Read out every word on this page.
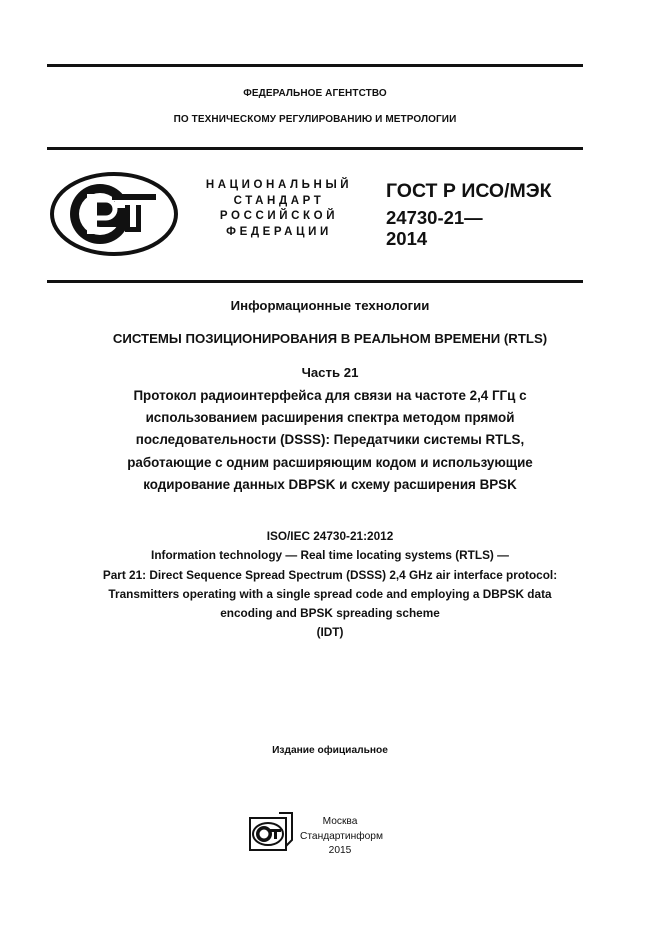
ФЕДЕРАЛЬНОЕ АГЕНТСТВО
ПО ТЕХНИЧЕСКОМУ РЕГУЛИРОВАНИЮ И МЕТРОЛОГИИ
НАЦИОНАЛЬНЫЙ
СТАНДАРТ
РОССИЙСКОЙ
ФЕДЕРАЦИИ
ГОСТ Р ИСО/МЭК
24730-21—
2014
Информационные технологии
СИСТЕМЫ ПОЗИЦИОНИРОВАНИЯ В РЕАЛЬНОМ ВРЕМЕНИ (RTLS)
Часть 21
Протокол радиоинтерфейса для связи на частоте 2,4 ГГц с
использованием расширения спектра методом прямой
последовательности (DSSS): Передатчики системы RTLS,
работающие с одним расширяющим кодом и использующие
кодирование данных DBPSK и схему расширения BPSK
ISO/IEC 24730-21:2012
Information technology — Real time locating systems (RTLS) —
Part 21: Direct Sequence Spread Spectrum (DSSS) 2,4 GHz air interface protocol:
Transmitters operating with a single spread code and employing a DBPSK data
encoding and BPSK spreading scheme
(IDT)
Издание официальное
Москва
Стандартинформ
2015
